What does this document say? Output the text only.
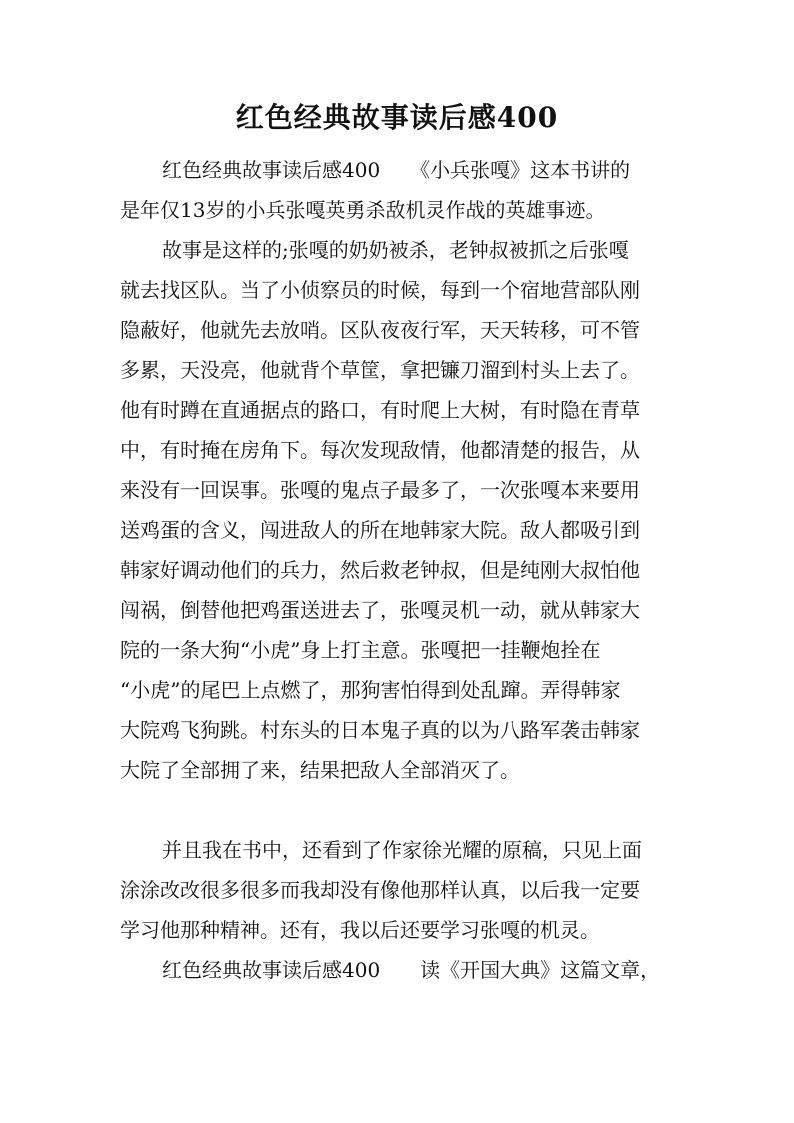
红色经典故事读后感400
红色经典故事读后感400　　《小兵张嘎》这本书讲的
是年仅13岁的小兵张嘎英勇杀敌机灵作战的英雄事迹。
故事是这样的;张嘎的奶奶被杀，老钟叔被抓之后张嘎
就去找区队。当了小侦察员的时候，每到一个宿地营部队刚
隐蔽好，他就先去放哨。区队夜夜行军，天天转移，可不管
多累，天没亮，他就背个草筐，拿把镰刀溜到村头上去了。
他有时蹲在直通据点的路口，有时爬上大树，有时隐在青草
中，有时掩在房角下。每次发现敌情，他都清楚的报告，从
来没有一回误事。张嘎的鬼点子最多了，一次张嘎本来要用
送鸡蛋的含义，闯进敌人的所在地韩家大院。敌人都吸引到
韩家好调动他们的兵力，然后救老钟叔，但是纯刚大叔怕他
闯祸，倒替他把鸡蛋送进去了，张嘎灵机一动，就从韩家大
院的一条大狗“小虎”身上打主意。张嘎把一挂鞭炮拴在
“小虎”的尾巴上点燃了，那狗害怕得到处乱蹿。弄得韩家
大院鸡飞狗跳。村东头的日本鬼子真的以为八路军袭击韩家
大院了全部拥了来，结果把敌人全部消灭了。
并且我在书中，还看到了作家徐光耀的原稿，只见上面
涂涂改改很多很多而我却没有像他那样认真，以后我一定要
学习他那种精神。还有，我以后还要学习张嘎的机灵。
红色经典故事读后感400　　读《开国大典》这篇文章，
